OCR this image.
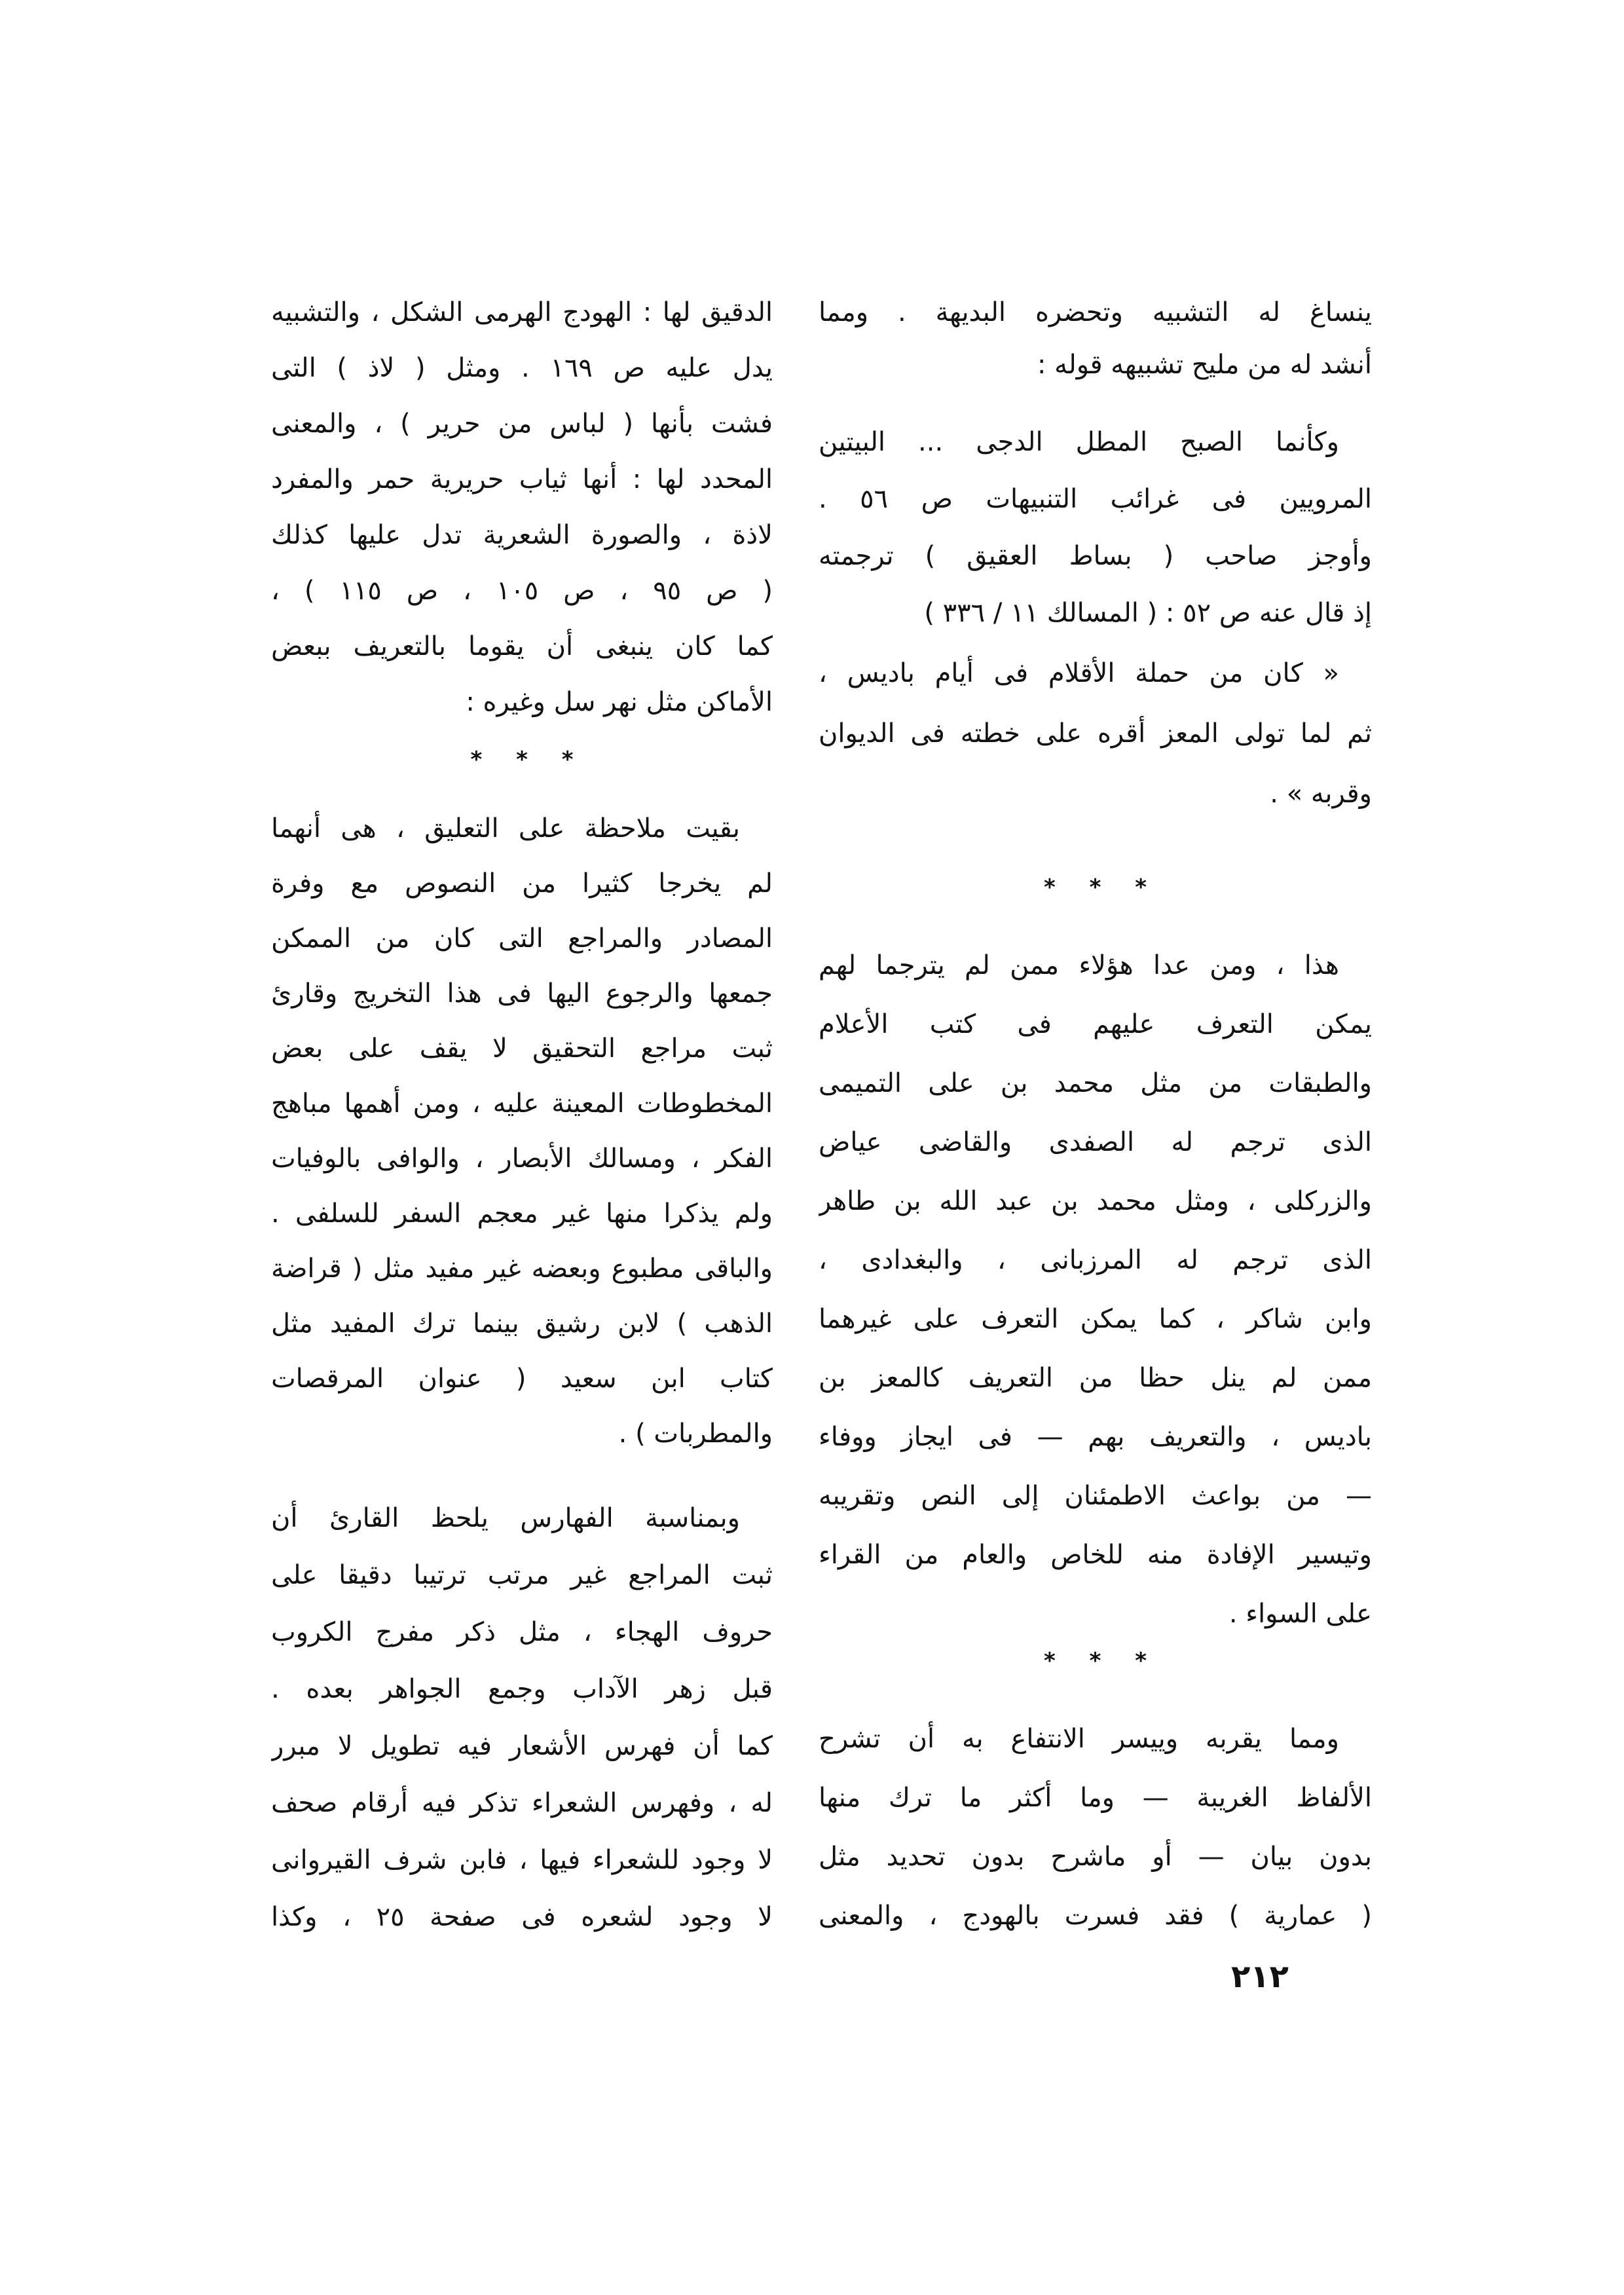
ينساغ له التشبيه وتحضره البديهة . ومما
أنشد له من مليح تشبيهه قوله :
وكأنما الصبح المطل الدجى ... البيتين
المرويين فى غرائب التنبيهات ص ٥٦ .
وأوجز صاحب ( بساط العقيق ) ترجمته
إذ قال عنه ص ٥٢ : ( المسالك ١١ / ٣٣٦ )
« كان من حملة الأقلام فى أيام باديس ،
ثم لما تولى المعز أقره على خطته فى الديوان
وقربه » .
* * *
هذا ، ومن عدا هؤلاء ممن لم يترجما لهم
يمكن التعرف عليهم فى كتب الأعلام
والطبقات من مثل محمد بن على التميمى
الذى ترجم له الصفدى والقاضى عياض
والزركلى ، ومثل محمد بن عبد الله بن طاهر
الذى ترجم له المرزبانى ، والبغدادى ،
وابن شاكر ، كما يمكن التعرف على غيرهما
ممن لم ينل حظا من التعريف كالمعز بن
باديس ، والتعريف بهم — فى ايجاز ووفاء
— من بواعث الاطمئنان إلى النص وتقريبه
وتيسير الإفادة منه للخاص والعام من القراء
على السواء .
* * *
ومما يقربه وييسر الانتفاع به أن تشرح
الألفاظ الغريبة — وما أكثر ما ترك منها
بدون بيان — أو ماشرح بدون تحديد مثل
( عمارية ) فقد فسرت بالهودج ، والمعنى
٢١٢
الدقيق لها : الهودج الهرمى الشكل ، والتشبيه
يدل عليه ص ١٦٩ . ومثل ( لاذ ) التى
فشت بأنها ( لباس من حرير ) ، والمعنى
المحدد لها : أنها ثياب حريرية حمر والمفرد
لاذة ، والصورة الشعرية تدل عليها كذلك
( ص ٩٥ ، ص ١٠٥ ، ص ١١٥ ) ،
كما كان ينبغى أن يقوما بالتعريف ببعض
الأماكن مثل نهر سل وغيره :
* * *
بقيت ملاحظة على التعليق ، هى أنهما
لم يخرجا كثيرا من النصوص مع وفرة
المصادر والمراجع التى كان من الممكن
جمعها والرجوع اليها فى هذا التخريج وقارئ
ثبت مراجع التحقيق لا يقف على بعض
المخطوطات المعينة عليه ، ومن أهمها مباهج
الفكر ، ومسالك الأبصار ، والوافى بالوفيات
ولم يذكرا منها غير معجم السفر للسلفى .
والباقى مطبوع وبعضه غير مفيد مثل ( قراضة
الذهب ) لابن رشيق بينما ترك المفيد مثل
كتاب ابن سعيد ( عنوان المرقصات
والمطربات ) .
وبمناسبة الفهارس يلحظ القارئ أن
ثبت المراجع غير مرتب ترتيبا دقيقا على
حروف الهجاء ، مثل ذكر مفرج الكروب
قبل زهر الآداب وجمع الجواهر بعده .
كما أن فهرس الأشعار فيه تطويل لا مبرر
له ، وفهرس الشعراء تذكر فيه أرقام صحف
لا وجود للشعراء فيها ، فابن شرف القيروانى
لا وجود لشعره فى صفحة ٢٥ ، وكذا
